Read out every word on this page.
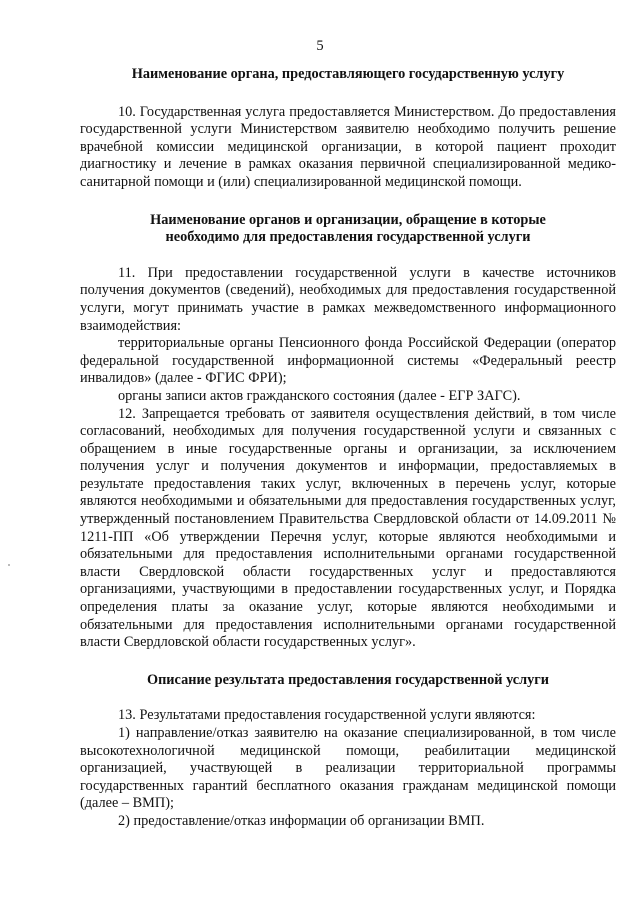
5
Наименование органа, предоставляющего государственную услугу

10. Государственная услуга предоставляется Министерством. До предоставления государственной услуги Министерством заявителю необходимо получить решение врачебной комиссии медицинской организации, в которой пациент проходит диагностику и лечение в рамках оказания первичной специализированной медико-санитарной помощи и (или) специализированной медицинской помощи.

Наименование органов и организации, обращение в которые
необходимо для предоставления государственной услуги

11. При предоставлении государственной услуги в качестве источников получения документов (сведений), необходимых для предоставления государственной услуги, могут принимать участие в рамках межведомственного информационного взаимодействия:

территориальные органы Пенсионного фонда Российской Федерации (оператор федеральной государственной информационной системы «Федеральный реестр инвалидов» (далее - ФГИС ФРИ);

органы записи актов гражданского состояния (далее - ЕГР ЗАГС).

12. Запрещается требовать от заявителя осуществления действий, в том числе согласований, необходимых для получения государственной услуги и связанных с обращением в иные государственные органы и организации, за исключением получения услуг и получения документов и информации, предоставляемых в результате предоставления таких услуг, включенных в перечень услуг, которые являются необходимыми и обязательными для предоставления государственных услуг, утвержденный постановлением Правительства Свердловской области от 14.09.2011 № 1211-ПП «Об утверждении Перечня услуг, которые являются необходимыми и обязательными для предоставления исполнительными органами государственной власти Свердловской области государственных услуг и предоставляются организациями, участвующими в предоставлении государственных услуг, и Порядка определения платы за оказание услуг, которые являются необходимыми и обязательными для предоставления исполнительными органами государственной власти Свердловской области государственных услуг».

Описание результата предоставления государственной услуги

13. Результатами предоставления государственной услуги являются:

1) направление/отказ заявителю на оказание специализированной, в том числе высокотехнологичной медицинской помощи, реабилитации медицинской организацией, участвующей в реализации территориальной программы государственных гарантий бесплатного оказания гражданам медицинской помощи (далее – ВМП);

2) предоставление/отказ информации об организации ВМП.
